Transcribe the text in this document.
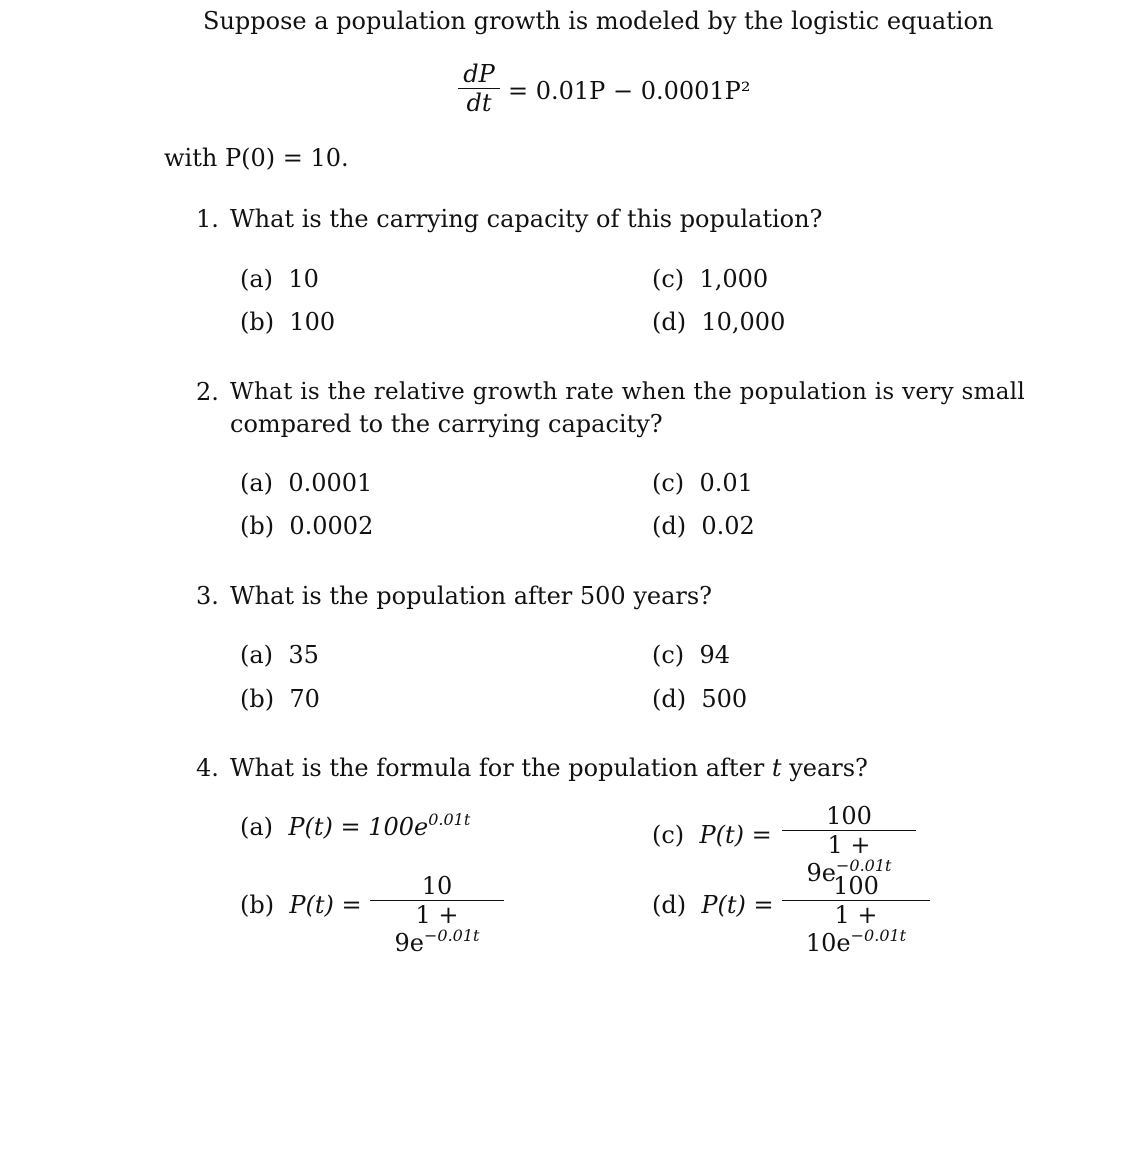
Suppose a population growth is modeled by the logistic equation
dP
dt = 0.01P − 0.0001P²
with P(0) = 10.
1. What is the carrying capacity of this population?
(a) 10
(b) 100
(c) 1,000
(d) 10,000
2. What is the relative growth rate when the population is very small
compared to the carrying capacity?
(a) 0.0001
(b) 0.0002
(c) 0.01
(d) 0.02
3. What is the population after 500 years?
(a) 35
(b) 70
(c) 94
(d) 500
4. What is the formula for the population after t years?
(a) $P(t) = 100e^{0.01t}$
(b) P(t) =
10
$1 + 9e^{-0.01t}$
(c) P(t) =
100
$1 + 9e^{-0.01t}$
(d) P(t) =
100
$1 + 10e^{-0.01t}$
